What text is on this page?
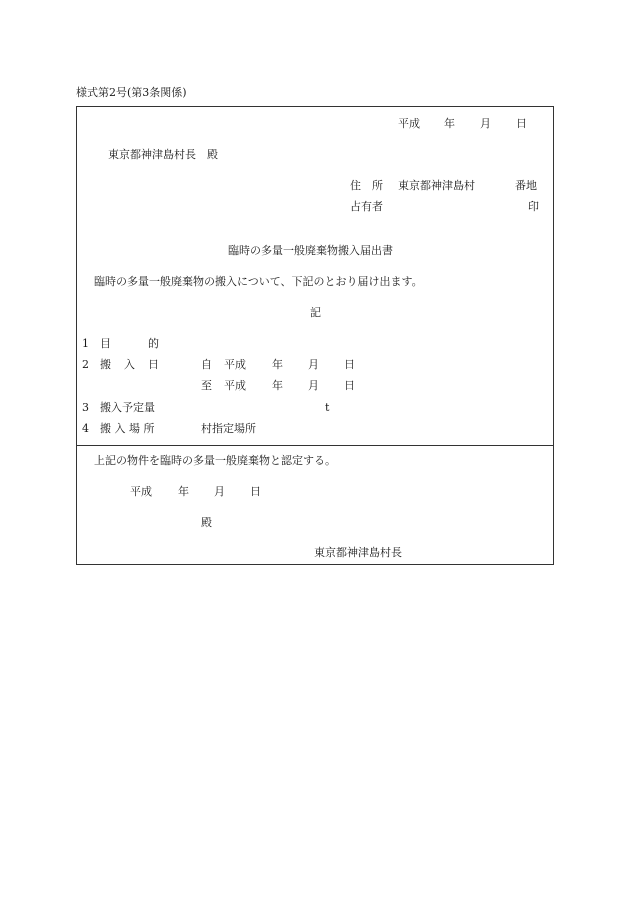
様式第2号(第3条関係)
平成 年 月 日
東京都神津島村長　殿
住　所 東京都神津島村	番地
占有者	印
臨時の多量一般廃棄物搬入届出書
臨時の多量一般廃棄物の搬入について、下記のとおり届け出ます。
記
1 目	的
2 搬 入 日	自 平成 年 月 日
至 平成 年 月 日
3 搬入予定量	t
4 搬 入 場 所	村指定場所
上記の物件を臨時の多量一般廃棄物と認定する。
平成 年 月 日
殿
東京都神津島村長
